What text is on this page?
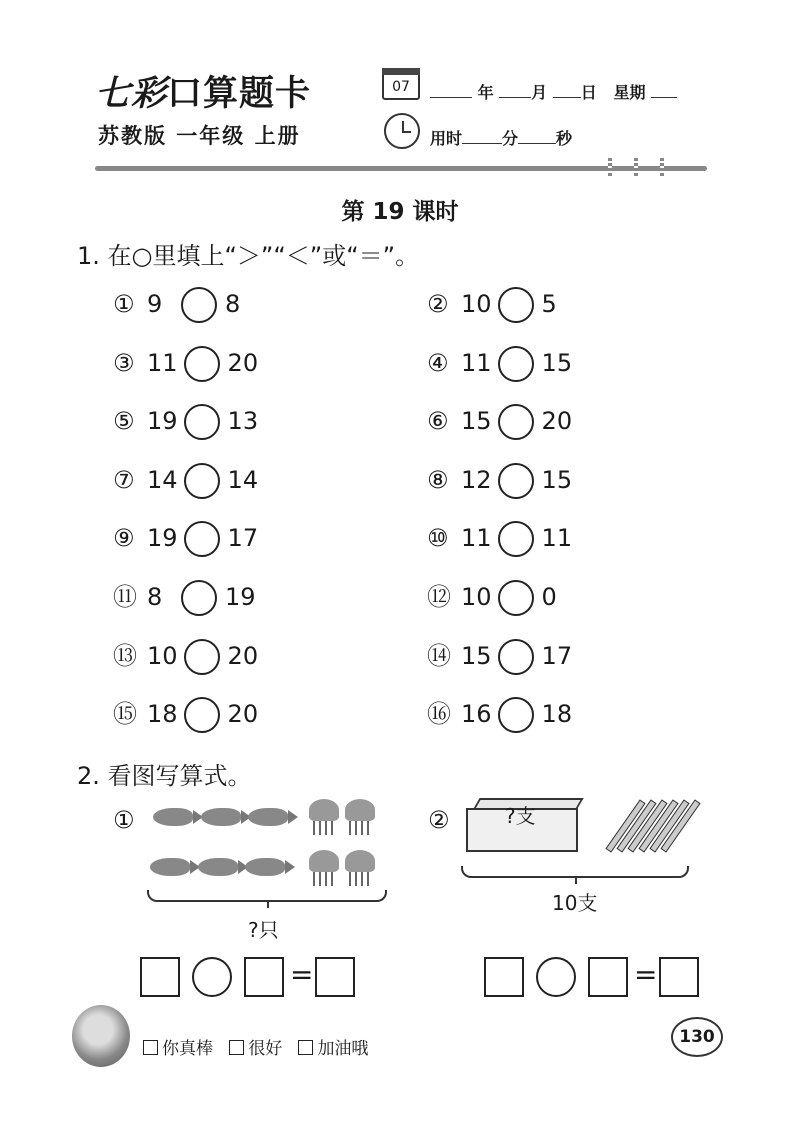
七彩口算题卡
苏教版 一年级 上册
07	年 月 日 星期
用时	分 秒
第 19 课时
1. 在○里填上“＞”“＜”或“＝”。
① 9	8	② 10 5
③ 11 20	④ 11 15
⑤ 19 13	⑥ 15 20
⑦ 14 14	⑧ 12 15
⑨ 19 17	⑩ 11 11
⑪ 8	19	⑫ 10 0
⑬ 10 20	⑭ 15 17
⑮ 18 20	⑯ 16 18
2. 看图写算式。
①
?只
②	?支
10支
=	=
你真棒 很好 加油哦
130
